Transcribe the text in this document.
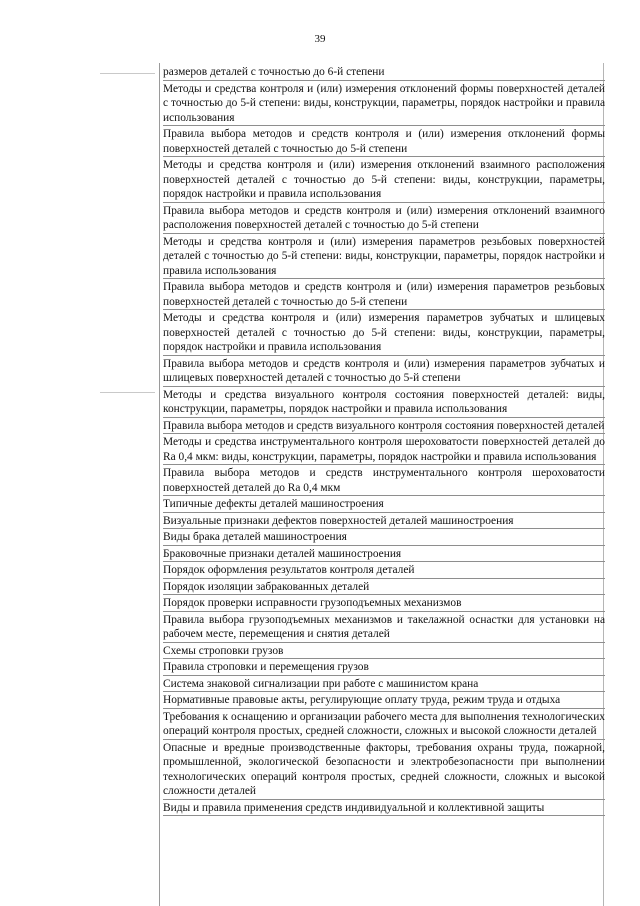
39
размеров деталей с точностью до 6-й степени
Методы и средства контроля и (или) измерения отклонений формы поверхностей деталей с точностью до 5-й степени: виды, конструкции, параметры, порядок настройки и правила использования
Правила выбора методов и средств контроля и (или) измерения отклонений формы поверхностей деталей с точностью до 5-й степени
Методы и средства контроля и (или) измерения отклонений взаимного расположения поверхностей деталей с точностью до 5-й степени: виды, конструкции, параметры, порядок настройки и правила использования
Правила выбора методов и средств контроля и (или) измерения отклонений взаимного расположения поверхностей деталей с точностью до 5-й степени
Методы и средства контроля и (или) измерения параметров резьбовых поверхностей деталей с точностью до 5-й степени: виды, конструкции, параметры, порядок настройки и правила использования
Правила выбора методов и средств контроля и (или) измерения параметров резьбовых поверхностей деталей с точностью до 5-й степени
Методы и средства контроля и (или) измерения параметров зубчатых и шлицевых поверхностей деталей с точностью до 5-й степени: виды, конструкции, параметры, порядок настройки и правила использования
Правила выбора методов и средств контроля и (или) измерения параметров зубчатых и шлицевых поверхностей деталей с точностью до 5-й степени
Методы и средства визуального контроля состояния поверхностей деталей: виды, конструкции, параметры, порядок настройки и правила использования
Правила выбора методов и средств визуального контроля состояния поверхностей деталей
Методы и средства инструментального контроля шероховатости поверхностей деталей до Ra 0,4 мкм: виды, конструкции, параметры, порядок настройки и правила использования
Правила выбора методов и средств инструментального контроля шероховатости поверхностей деталей до Ra 0,4 мкм
Типичные дефекты деталей машиностроения
Визуальные признаки дефектов поверхностей деталей машиностроения
Виды брака деталей машиностроения
Браковочные признаки деталей машиностроения
Порядок оформления результатов контроля деталей
Порядок изоляции забракованных деталей
Порядок проверки исправности грузоподъемных механизмов
Правила выбора грузоподъемных механизмов и такелажной оснастки для установки на рабочем месте, перемещения и снятия деталей
Схемы строповки грузов
Правила строповки и перемещения грузов
Система знаковой сигнализации при работе с машинистом крана
Нормативные правовые акты, регулирующие оплату труда, режим труда и отдыха
Требования к оснащению и организации рабочего места для выполнения технологических операций контроля простых, средней сложности, сложных и высокой сложности деталей
Опасные и вредные производственные факторы, требования охраны труда, пожарной, промышленной, экологической безопасности и электробезопасности при выполнении технологических операций контроля простых, средней сложности, сложных и высокой сложности деталей
Виды и правила применения средств индивидуальной и коллективной защиты
